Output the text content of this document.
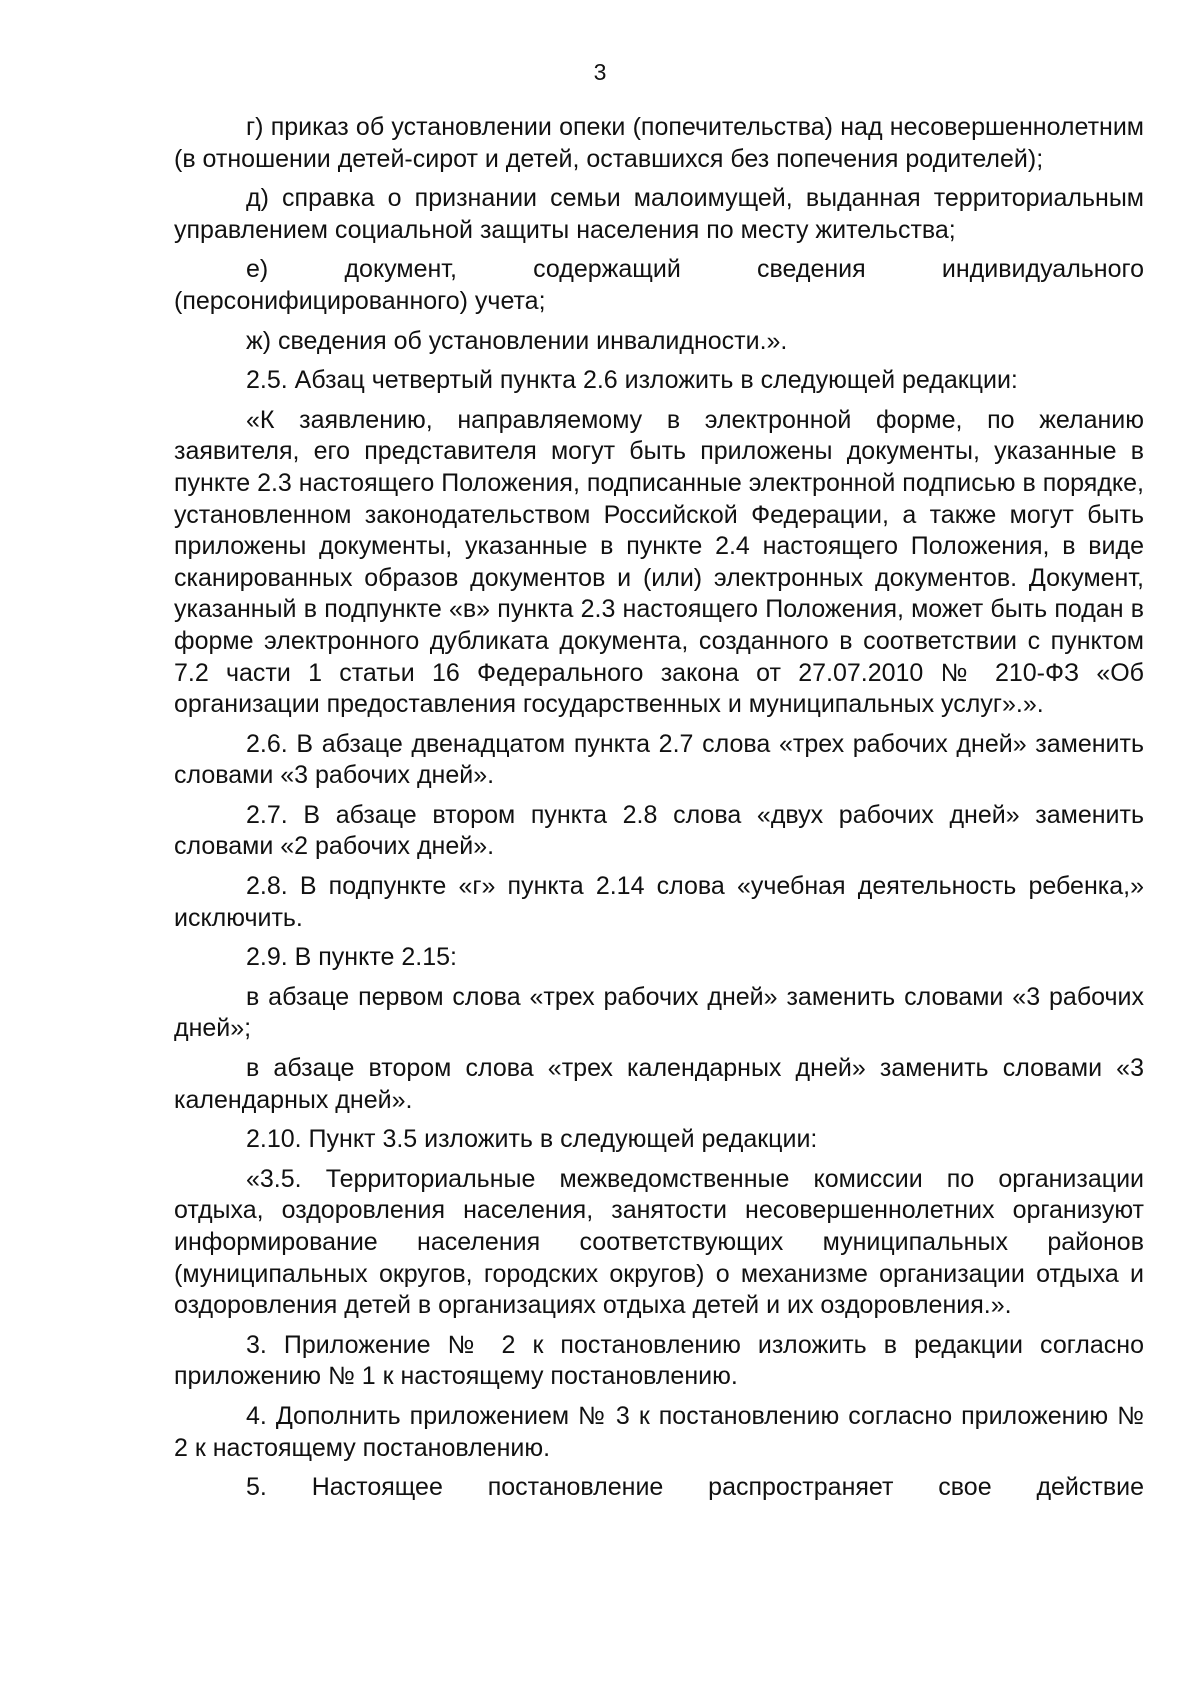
3

г) приказ об установлении опеки (попечительства) над несовершеннолетним (в отношении детей-сирот и детей, оставшихся без попечения родителей);

д) справка о признании семьи малоимущей, выданная территориальным управлением социальной защиты населения по месту жительства;

е) документ, содержащий сведения индивидуального (персонифицированного) учета;

ж) сведения об установлении инвалидности.».

2.5. Абзац четвертый пункта 2.6 изложить в следующей редакции:

«К заявлению, направляемому в электронной форме, по желанию заявителя, его представителя могут быть приложены документы, указанные в пункте 2.3 настоящего Положения, подписанные электронной подписью в порядке, установленном законодательством Российской Федерации, а также могут быть приложены документы, указанные в пункте 2.4 настоящего Положения, в виде сканированных образов документов и (или) электронных документов. Документ, указанный в подпункте «в» пункта 2.3 настоящего Положения, может быть подан в форме электронного дубликата документа, созданного в соответствии с пунктом 7.2 части 1 статьи 16 Федерального закона от 27.07.2010 № 210-ФЗ «Об организации предоставления государственных и муниципальных услуг».».

2.6. В абзаце двенадцатом пункта 2.7 слова «трех рабочих дней» заменить словами «3 рабочих дней».

2.7. В абзаце втором пункта 2.8 слова «двух рабочих дней» заменить словами «2 рабочих дней».

2.8. В подпункте «г» пункта 2.14 слова «учебная деятельность ребенка,» исключить.

2.9. В пункте 2.15:

в абзаце первом слова «трех рабочих дней» заменить словами «3 рабочих дней»;

в абзаце втором слова «трех календарных дней» заменить словами «3 календарных дней».

2.10. Пункт 3.5 изложить в следующей редакции:

«3.5. Территориальные межведомственные комиссии по организации отдыха, оздоровления населения, занятости несовершеннолетних организуют информирование населения соответствующих муниципальных районов (муниципальных округов, городских округов) о механизме организации отдыха и оздоровления детей в организациях отдыха детей и их оздоровления.».

3. Приложение № 2 к постановлению изложить в редакции согласно приложению № 1 к настоящему постановлению.

4. Дополнить приложением № 3 к постановлению согласно приложению № 2 к настоящему постановлению.

5. Настоящее постановление распространяет свое действие
